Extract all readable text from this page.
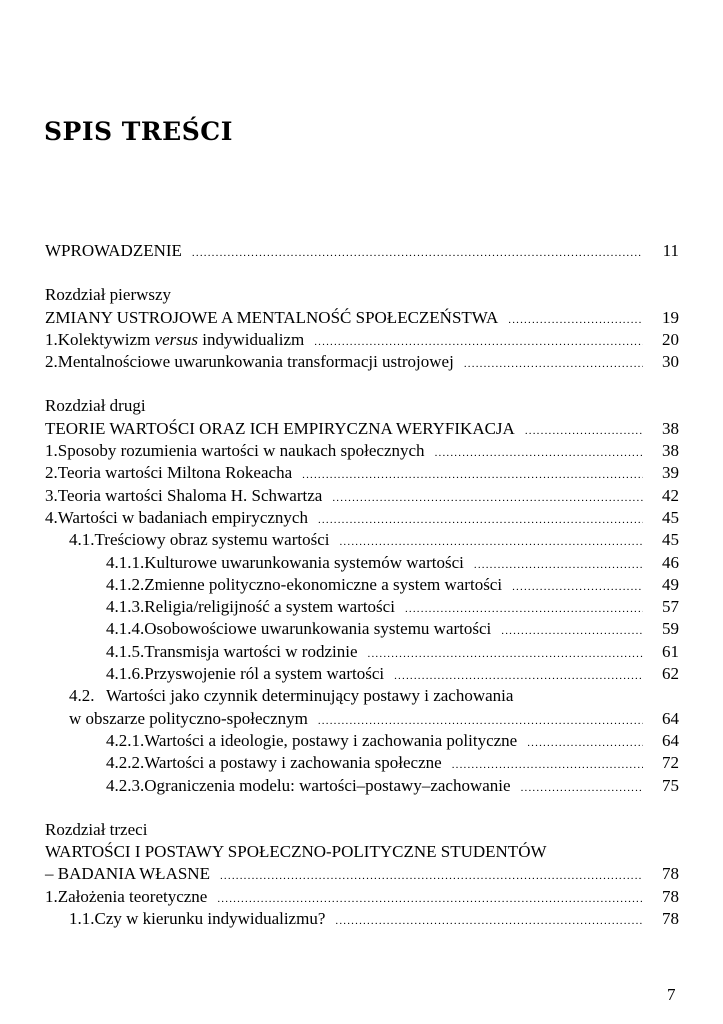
SPIS TREŚCI
WPROWADZENIE .....	11
Rozdział pierwszy
ZMIANY USTROJOWE A MENTALNOŚĆ SPOŁECZEŃSTWA .....	19
1. Kolektywizm versus indywidualizm .....	20
2. Mentalnościowe uwarunkowania transformacji ustrojowej .....	30
Rozdział drugi
TEORIE WARTOŚCI ORAZ ICH EMPIRYCZNA WERYFIKACJA .....	38
1. Sposoby rozumienia wartości w naukach społecznych .....	38
2. Teoria wartości Miltona Rokeacha .....	39
3. Teoria wartości Shaloma H. Schwartza .....	42
4. Wartości w badaniach empirycznych .....	45
4.1. Treściowy obraz systemu wartości .....	45
4.1.1. Kulturowe uwarunkowania systemów wartości .....	46
4.1.2. Zmienne polityczno-ekonomiczne a system wartości .....	49
4.1.3. Religia/religijność a system wartości .....	57
4.1.4. Osobowościowe uwarunkowania systemu wartości .....	59
4.1.5. Transmisja wartości w rodzinie .....	61
4.1.6. Przyswojenie ról a system wartości .....	62
4.2. Wartości jako czynnik determinujący postawy i zachowania
w obszarze polityczno-społecznym .....	64
4.2.1. Wartości a ideologie, postawy i zachowania polityczne .....	64
4.2.2. Wartości a postawy i zachowania społeczne .....	72
4.2.3. Ograniczenia modelu: wartości–postawy–zachowanie .....	75
Rozdział trzeci
WARTOŚCI I POSTAWY SPOŁECZNO-POLITYCZNE STUDENTÓW
– BADANIA WŁASNE .....	78
1. Założenia teoretyczne .....	78
1.1. Czy w kierunku indywidualizmu? .....	78
7
